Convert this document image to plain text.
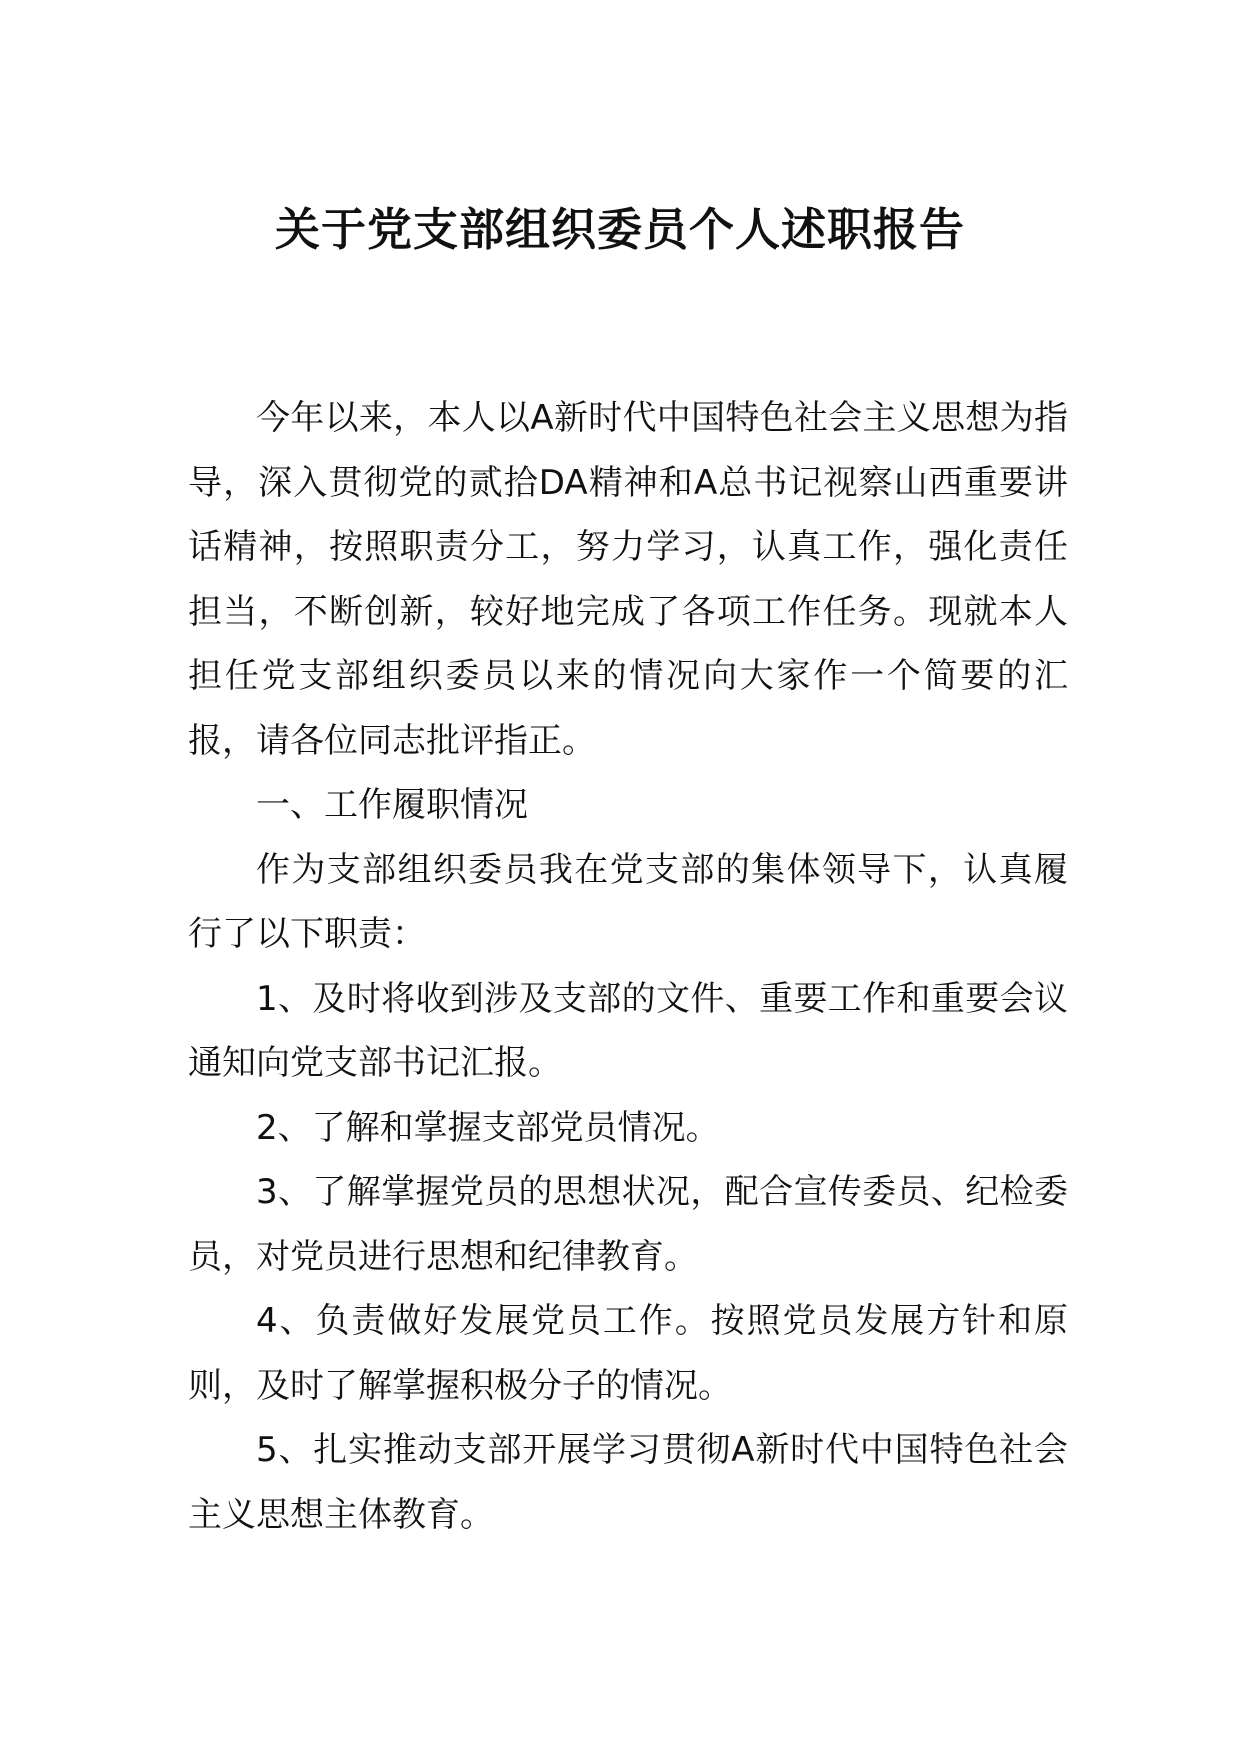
关于党支部组织委员个人述职报告

今年以来，本人以A新时代中国特色社会主义思想为指导，深入贯彻党的贰拾DA精神和A总书记视察山西重要讲话精神，按照职责分工，努力学习，认真工作，强化责任担当，不断创新，较好地完成了各项工作任务。现就本人担任党支部组织委员以来的情况向大家作一个简要的汇报，请各位同志批评指正。

一、工作履职情况

作为支部组织委员我在党支部的集体领导下，认真履行了以下职责：

1、及时将收到涉及支部的文件、重要工作和重要会议通知向党支部书记汇报。

2、了解和掌握支部党员情况。

3、了解掌握党员的思想状况，配合宣传委员、纪检委员，对党员进行思想和纪律教育。

4、负责做好发展党员工作。按照党员发展方针和原则，及时了解掌握积极分子的情况。

5、扎实推动支部开展学习贯彻A新时代中国特色社会主义思想主体教育。
